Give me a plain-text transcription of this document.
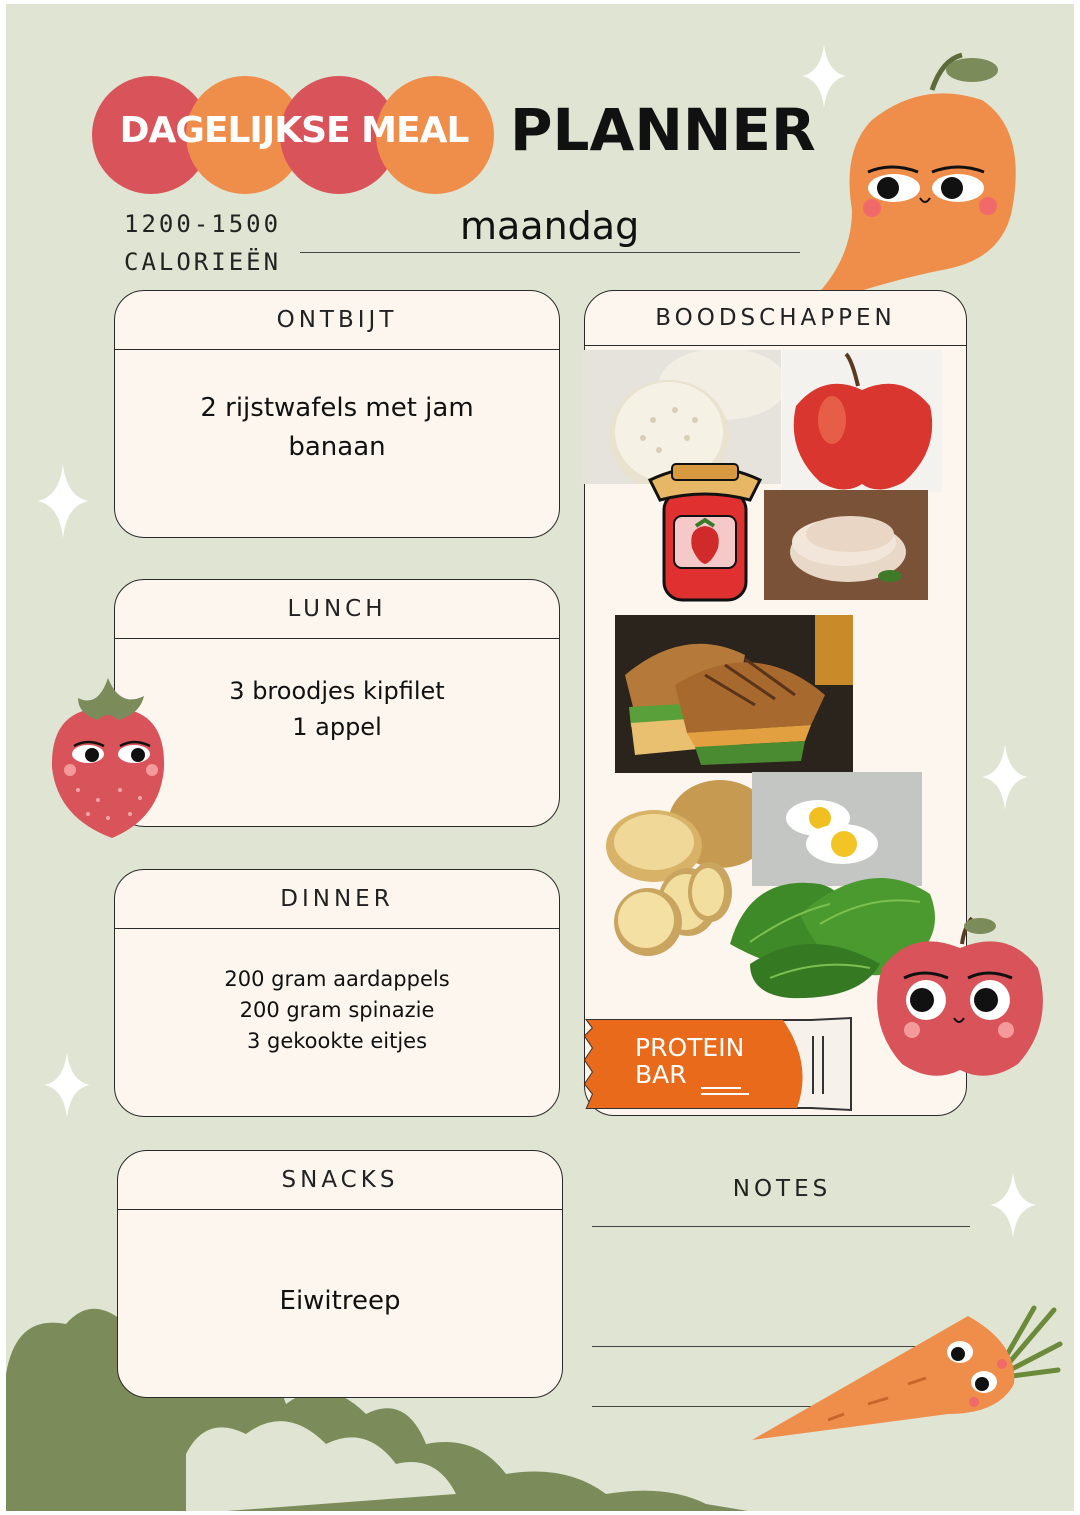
DAGELIJKSE MEAL PLANNER
1200-1500
CALORIEËN
maandag
ONTBIJT
2 rijstwafels met jam
banaan
LUNCH
3 broodjes kipfilet
1 appel
DINNER
200 gram aardappels
200 gram spinazie
3 gekookte eitjes
SNACKS
Eiwitreep
BOODSCHAPPEN
PROTEIN
BAR
NOTES
